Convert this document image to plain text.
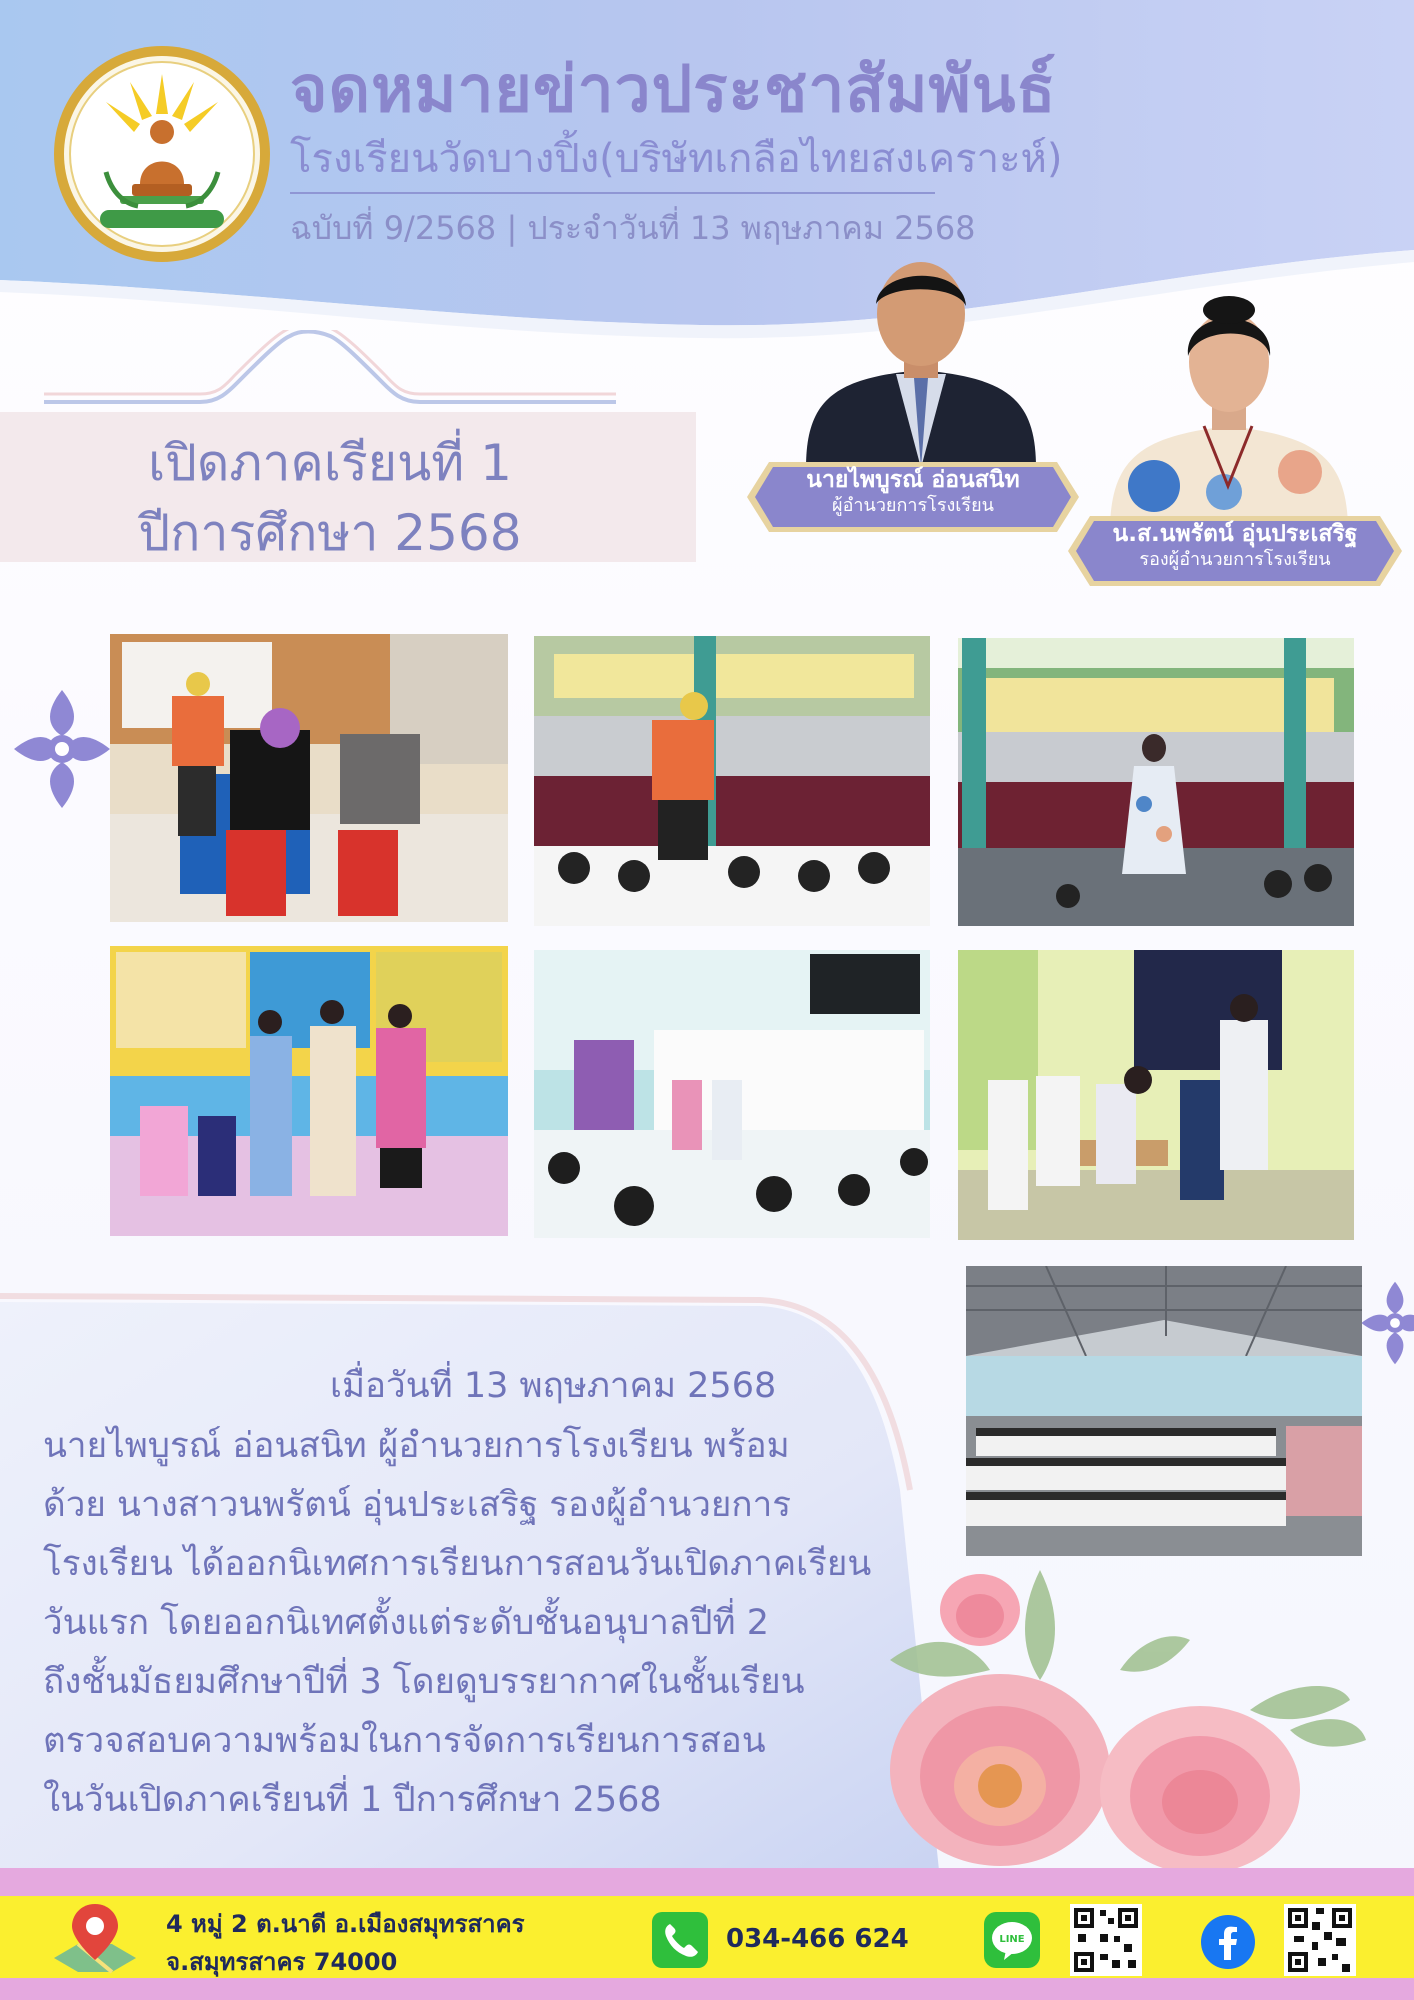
จดหมายข่าวประชาสัมพันธ์
โรงเรียนวัดบางปิ้ง(บริษัทเกลือไทยสงเคราะห์)
ฉบับที่ 9/2568 | ประจำวันที่ 13 พฤษภาคม 2568
เปิดภาคเรียนที่ 1
ปีการศึกษา 2568
นายไพบูรณ์ อ่อนสนิท
ผู้อำนวยการโรงเรียน
น.ส.นพรัตน์ อุ่นประเสริฐ
รองผู้อำนวยการโรงเรียน
เมื่อวันที่ 13 พฤษภาคม 2568
นายไพบูรณ์ อ่อนสนิท ผู้อำนวยการโรงเรียน พร้อม
ด้วย นางสาวนพรัตน์ อุ่นประเสริฐ รองผู้อำนวยการ
โรงเรียน ได้ออกนิเทศการเรียนการสอนวันเปิดภาคเรียน
วันแรก โดยออกนิเทศตั้งแต่ระดับชั้นอนุบาลปีที่ 2
ถึงชั้นมัธยมศึกษาปีที่ 3 โดยดูบรรยากาศในชั้นเรียน
ตรวจสอบความพร้อมในการจัดการเรียนการสอน
ในวันเปิดภาคเรียนที่ 1 ปีการศึกษา 2568
4 หมู่ 2 ต.นาดี อ.เมืองสมุทรสาคร
จ.สมุทรสาคร 74000
034-466 624	LINE
